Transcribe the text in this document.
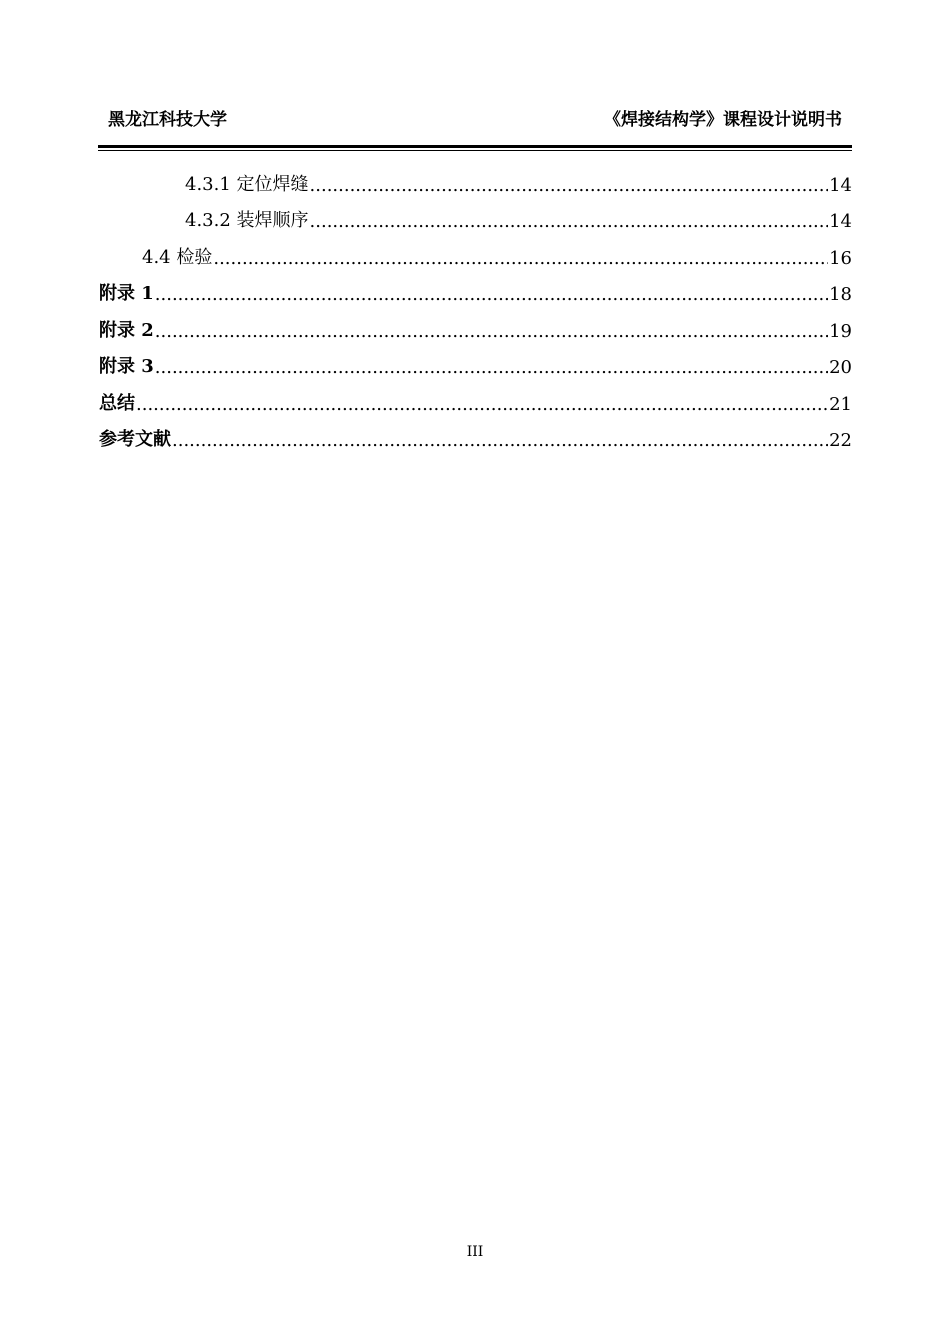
黑龙江科技大学	《焊接结构学》课程设计说明书
4.3.1 定位焊缝 .....	14
4.3.2 装焊顺序 .....	14
4.4 检验 .....	16
附录 1 .....	18
附录 2 .....	19
附录 3 .....	20
总结 .....	21
参考文献 .....	22
III
